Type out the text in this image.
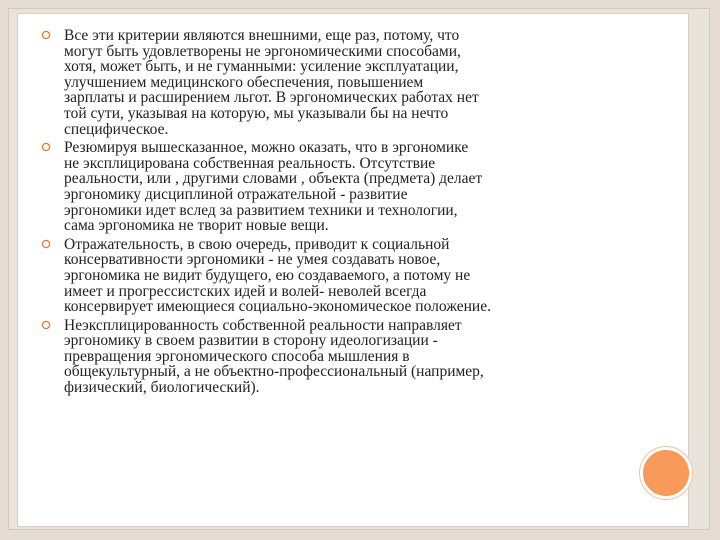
Все эти критерии являются внешними, еще раз, потому, что
могут быть удовлетворены не эргономическими способами,
хотя, может быть, и не гуманными: усиление эксплуатации,
улучшением медицинского обеспечения, повышением
зарплаты и расширением льгот. В эргономических работах нет
той сути, указывая на которую, мы указывали бы на нечто
специфическое.
Резюмируя вышесказанное, можно оказать, что в эргономике
не эксплицирована собственная реальность. Отсутствие
реальности, или , другими словами , объекта (предмета) делает
эргономику дисциплиной отражательной - развитие
эргономики идет вслед за развитием техники и технологии,
сама эргономика не творит новые вещи.
Отражательность, в свою очередь, приводит к социальной
консервативности эргономики - не умея создавать новое,
эргономика не видит будущего, ею создаваемого, а потому не
имеет и прогрессистских идей и волей- неволей всегда
консервирует имеющиеся социально-экономическое положение.
Неэксплицированность собственной реальности направляет
эргономику в своем развитии в сторону идеологизации -
превращения эргономического способа мышления в
общекультурный, а не объектно-профессиональный (например,
физический, биологический).
